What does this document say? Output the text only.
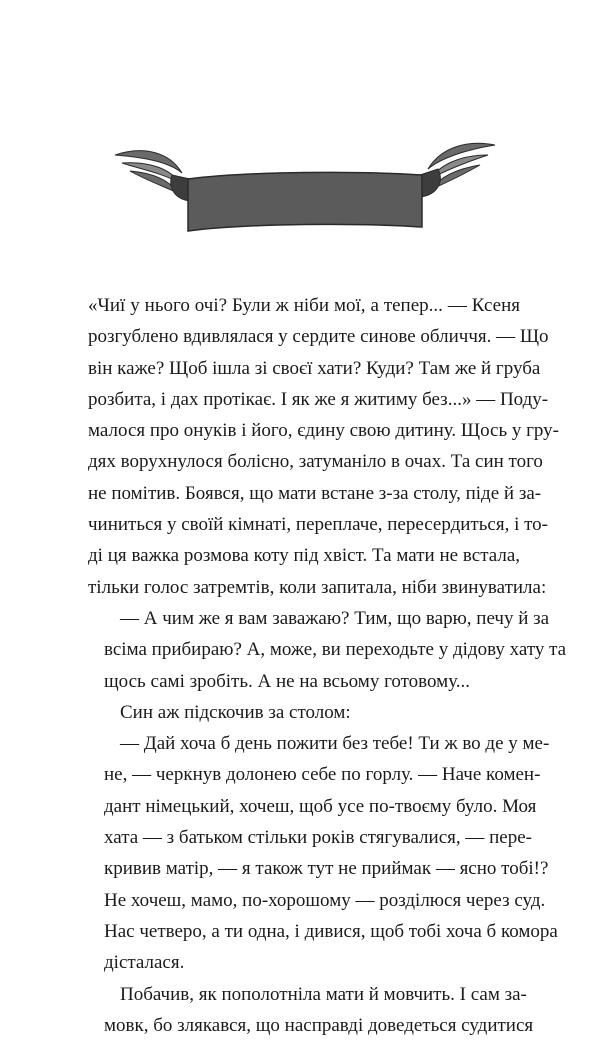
«Чиї у нього очі? Були ж ніби мої, а тепер... — Ксеня
розгублено вдивлялася у сердите синове обличчя. — Що
він каже? Щоб ішла зі своєї хати? Куди? Там же й груба
розбита, і дах протікає. І як же я житиму без...» — Поду-
малося про онуків і його, єдину свою дитину. Щось у гру-
дях ворухнулося болісно, затуманіло в очах. Та син того
не помітив. Боявся, що мати встане з-за столу, піде й за-
чиниться у своїй кімнаті, переплаче, пересердиться, і то-
ді ця важка розмова коту під хвіст. Та мати не встала,
тільки голос затремтів, коли запитала, ніби звинуватила:

— А чим же я вам заважаю? Тим, що варю, печу й за
всіма прибираю? А, може, ви переходьте у дідову хату та
щось самі зробіть. А не на всьому готовому...

Син аж підскочив за столом:

— Дай хоча б день пожити без тебе! Ти ж во де у ме-
не, — черкнув долонею себе по горлу. — Наче комен-
дант німецький, хочеш, щоб усе по-твоєму було. Моя
хата — з батьком стільки років стягувалися, — пере-
кривив матір, — я також тут не приймак — ясно тобі!?
Не хочеш, мамо, по-хорошому — розділюся через суд.
Нас четверо, а ти одна, і дивися, щоб тобі хоча б комора
дісталася.

Побачив, як пополотніла мати й мовчить. І сам за-
мовк, бо злякався, що насправді доведеться судитися
